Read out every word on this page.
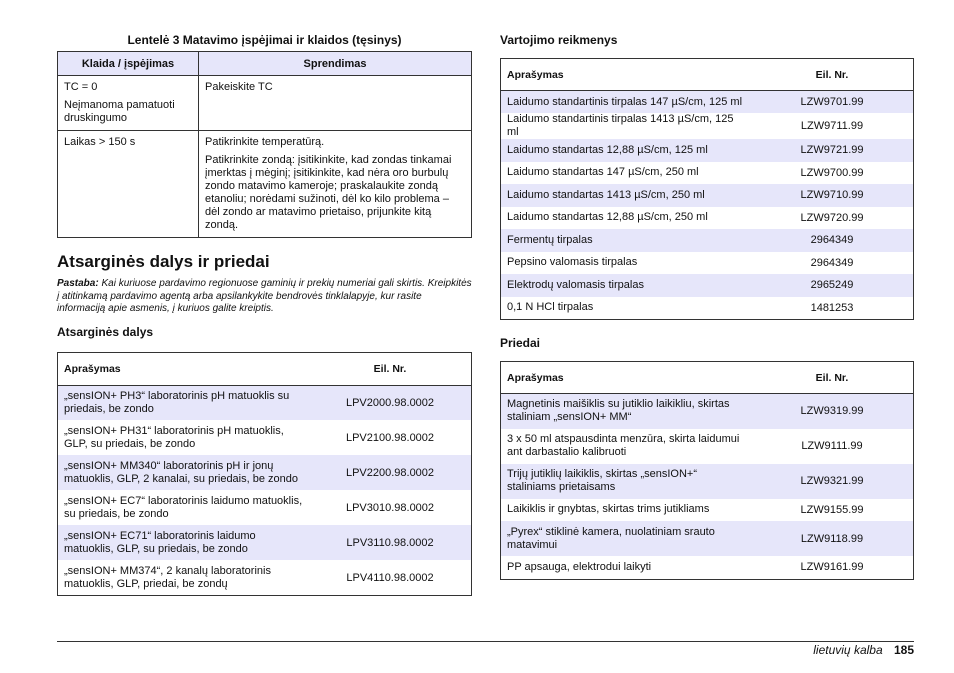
Lentelė 3 Matavimo įspėjimai ir klaidos (tęsinys)
Klaida / įspėjimas	Sprendimas

TC = 0

Neįmanoma pamatuoti druskingumo	Pakeiskite TC

Laikas > 150 s	Patikrinkite temperatūrą.

Patikrinkite zondą: įsitikinkite, kad zondas tinkamai įmerktas į mėginį; įsitikinkite, kad nėra oro burbulų zondo matavimo kameroje; praskalaukite zondą etanoliu; norėdami sužinoti, dėl ko kilo problema – dėl zondo ar matavimo prietaiso, prijunkite kitą zondą.

Atsarginės dalys ir priedai
Pastaba: Kai kuriuose pardavimo regionuose gaminių ir prekių numeriai gali skirtis. Kreipkitės į atitinkamą pardavimo agentą arba apsilankykite bendrovės tinklalapyje, kur rasite informaciją apie asmenis, į kuriuos galite kreiptis.
Atsarginės dalys
Aprašymas	Eil. Nr.
„sensION+ PH3“ laboratorinis pH matuoklis su priedais, be zondo	LPV2000.98.0002
„sensION+ PH31“ laboratorinis pH matuoklis, GLP, su priedais, be zondo	LPV2100.98.0002
„sensION+ MM340“ laboratorinis pH ir jonų matuoklis, GLP, 2 kanalai, su priedais, be zondo	LPV2200.98.0002
„sensION+ EC7“ laboratorinis laidumo matuoklis, su priedais, be zondo	LPV3010.98.0002
„sensION+ EC71“ laboratorinis laidumo matuoklis, GLP, su priedais, be zondo	LPV3110.98.0002
„sensION+ MM374“, 2 kanalų laboratorinis matuoklis, GLP, priedai, be zondų	LPV4110.98.0002
Vartojimo reikmenys
Aprašymas	Eil. Nr.
Laidumo standartinis tirpalas 147 µS/cm, 125 ml	LZW9701.99
Laidumo standartinis tirpalas 1413 µS/cm, 125 ml	LZW9711.99
Laidumo standartas 12,88 µS/cm, 125 ml	LZW9721.99
Laidumo standartas 147 µS/cm, 250 ml	LZW9700.99
Laidumo standartas 1413 µS/cm, 250 ml	LZW9710.99
Laidumo standartas 12,88 µS/cm, 250 ml	LZW9720.99
Fermentų tirpalas	2964349
Pepsino valomasis tirpalas	2964349
Elektrodų valomasis tirpalas	2965249
0,1 N HCl tirpalas	1481253
Priedai
Aprašymas	Eil. Nr.
Magnetinis maišiklis su jutiklio laikikliu, skirtas staliniam „sensION+ MM“	LZW9319.99
3 x 50 ml atspausdinta menzūra, skirta laidumui ant darbastalio kalibruoti	LZW9111.99
Trijų jutiklių laikiklis, skirtas „sensION+“ staliniams prietaisams	LZW9321.99
Laikiklis ir gnybtas, skirtas trims jutikliams	LZW9155.99
„Pyrex“ stiklinė kamera, nuolatiniam srauto matavimui	LZW9118.99
PP apsauga, elektrodui laikyti	LZW9161.99
lietuvių kalba 185
